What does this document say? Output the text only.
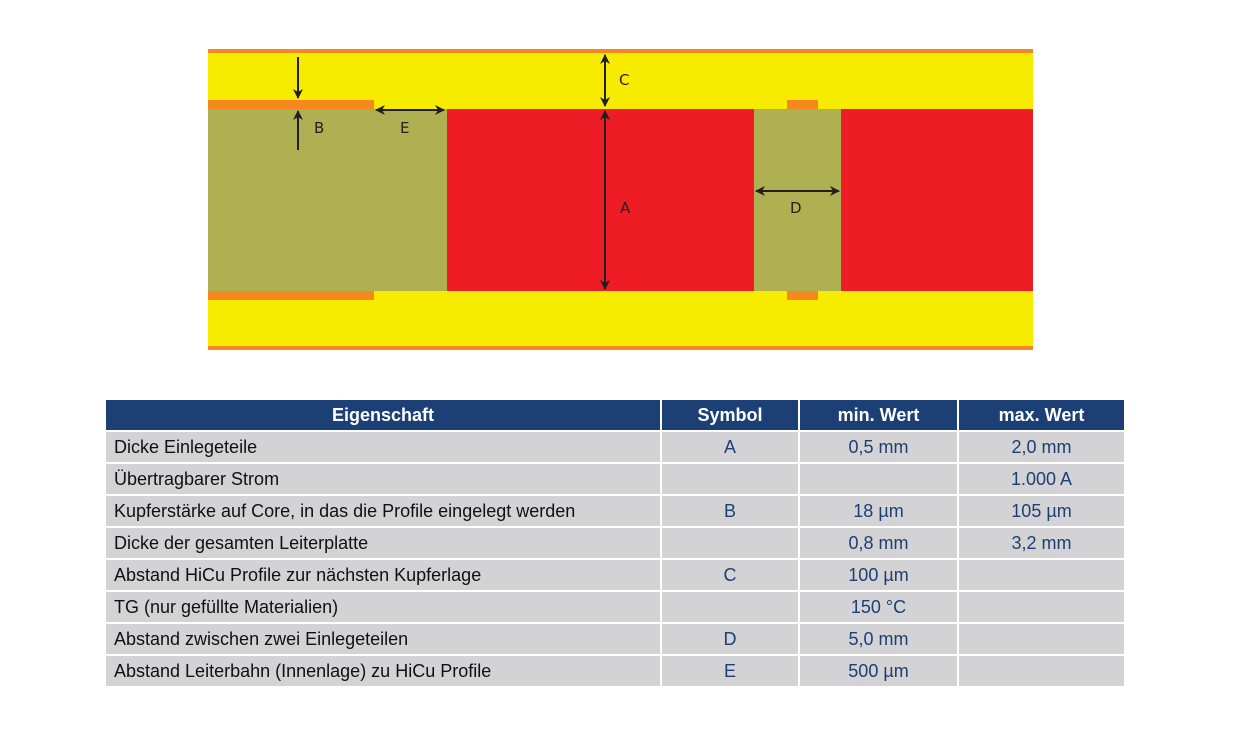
B	E
C
A	D
Eigenschaft	Symbol	min. Wert	max. Wert
Dicke Einlegeteile	A	0,5 mm	2,0 mm
Übertragbarer Strom			1.000 A
Kupferstärke auf Core, in das die Profile eingelegt werden	B	18 µm	105 µm
Dicke der gesamten Leiterplatte		0,8 mm	3,2 mm
Abstand HiCu Profile zur nächsten Kupferlage	C	100 µm	
TG (nur gefüllte Materialien)		150 °C	
Abstand zwischen zwei Einlegeteilen	D	5,0 mm	
Abstand Leiterbahn (Innenlage) zu HiCu Profile	E	500 µm	
